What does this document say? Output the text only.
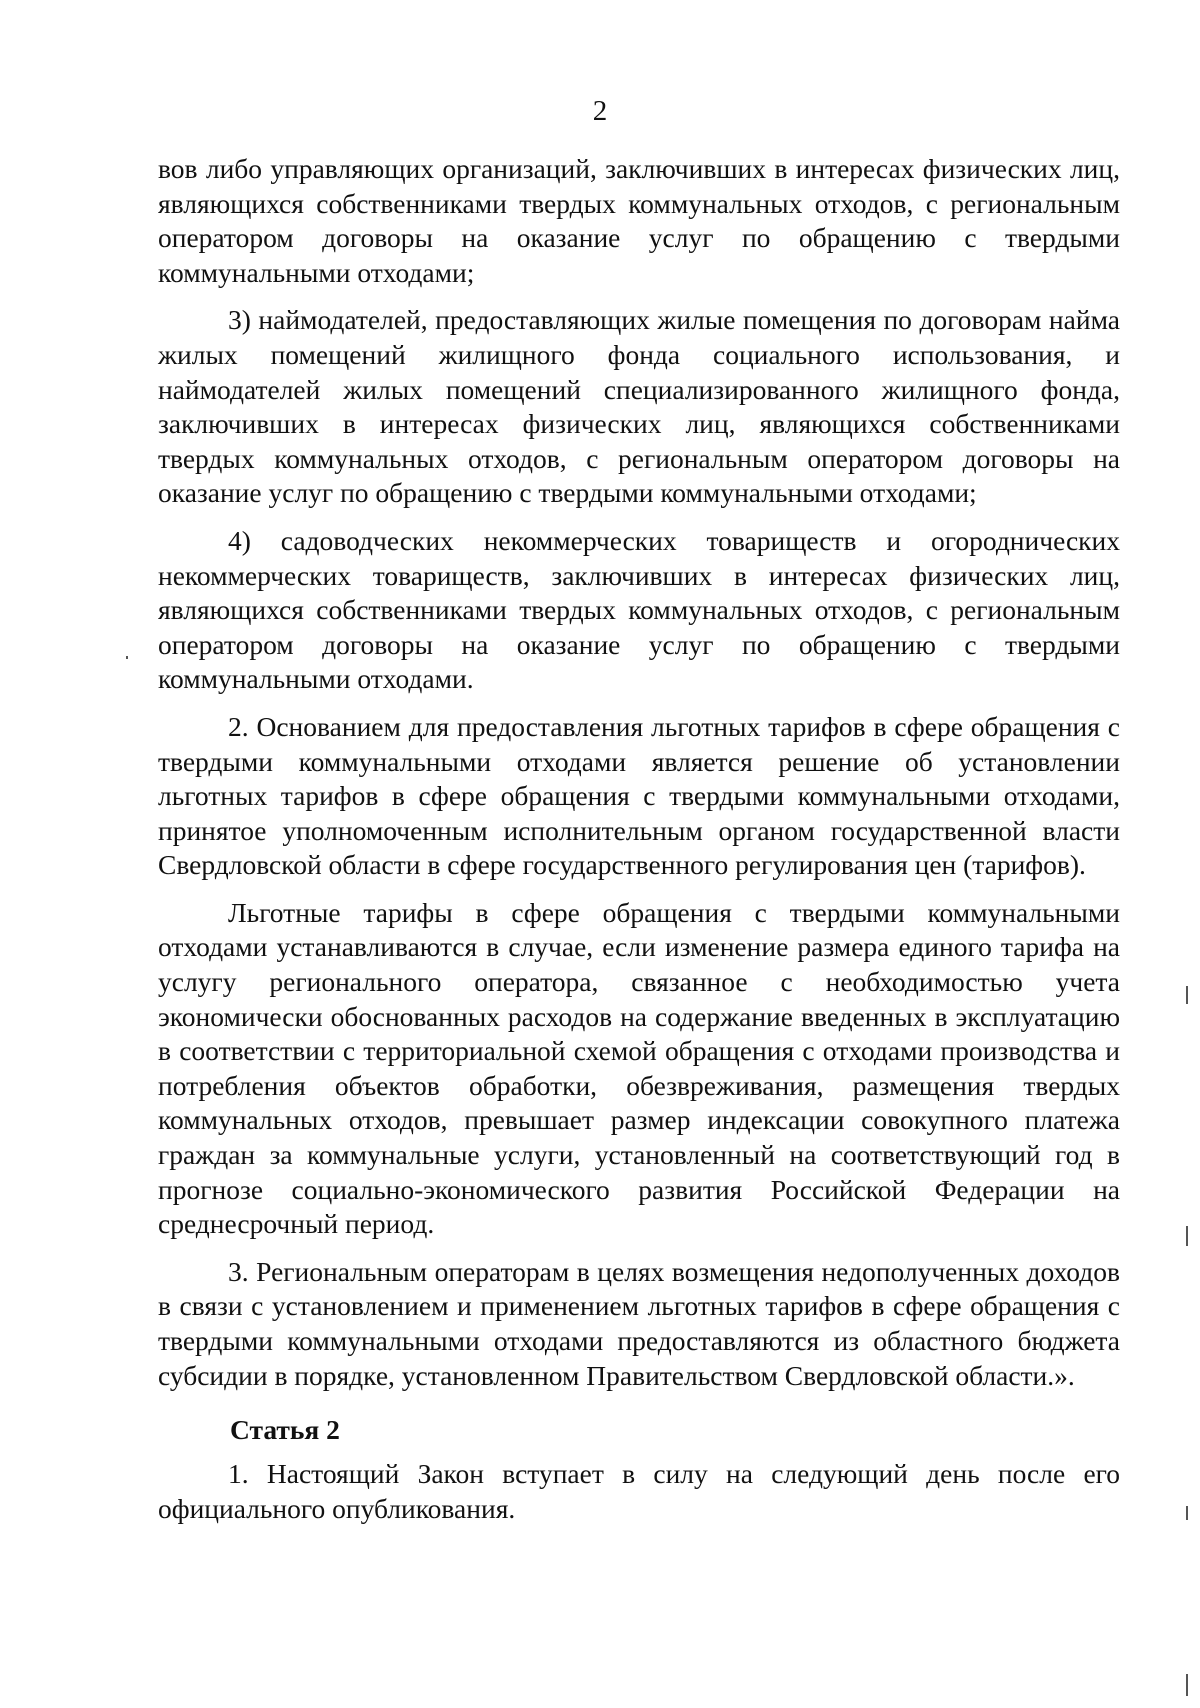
2

вов либо управляющих организаций, заключивших в интересах физических лиц, являющихся собственниками твердых коммунальных отходов, с региональным оператором договоры на оказание услуг по обращению с твердыми коммунальными отходами;

3) наймодателей, предоставляющих жилые помещения по договорам найма жилых помещений жилищного фонда социального использования, и наймодателей жилых помещений специализированного жилищного фонда, заключивших в интересах физических лиц, являющихся собственниками твердых коммунальных отходов, с региональным оператором договоры на оказание услуг по обращению с твердыми коммунальными отходами;

4) садоводческих некоммерческих товариществ и огороднических некоммерческих товариществ, заключивших в интересах физических лиц, являющихся собственниками твердых коммунальных отходов, с региональным оператором договоры на оказание услуг по обращению с твердыми коммунальными отходами.

2. Основанием для предоставления льготных тарифов в сфере обращения с твердыми коммунальными отходами является решение об установлении льготных тарифов в сфере обращения с твердыми коммунальными отходами, принятое уполномоченным исполнительным органом государственной власти Свердловской области в сфере государственного регулирования цен (тарифов).

Льготные тарифы в сфере обращения с твердыми коммунальными отходами устанавливаются в случае, если изменение размера единого тарифа на услугу регионального оператора, связанное с необходимостью учета экономически обоснованных расходов на содержание введенных в эксплуатацию в соответствии с территориальной схемой обращения с отходами производства и потребления объектов обработки, обезвреживания, размещения твердых коммунальных отходов, превышает размер индексации совокупного платежа граждан за коммунальные услуги, установленный на соответствующий год в прогнозе социально-экономического развития Российской Федерации на среднесрочный период.

3. Региональным операторам в целях возмещения недополученных доходов в связи с установлением и применением льготных тарифов в сфере обращения с твердыми коммунальными отходами предоставляются из областного бюджета субсидии в порядке, установленном Правительством Свердловской области.».

Статья 2

1. Настоящий Закон вступает в силу на следующий день после его официального опубликования.
